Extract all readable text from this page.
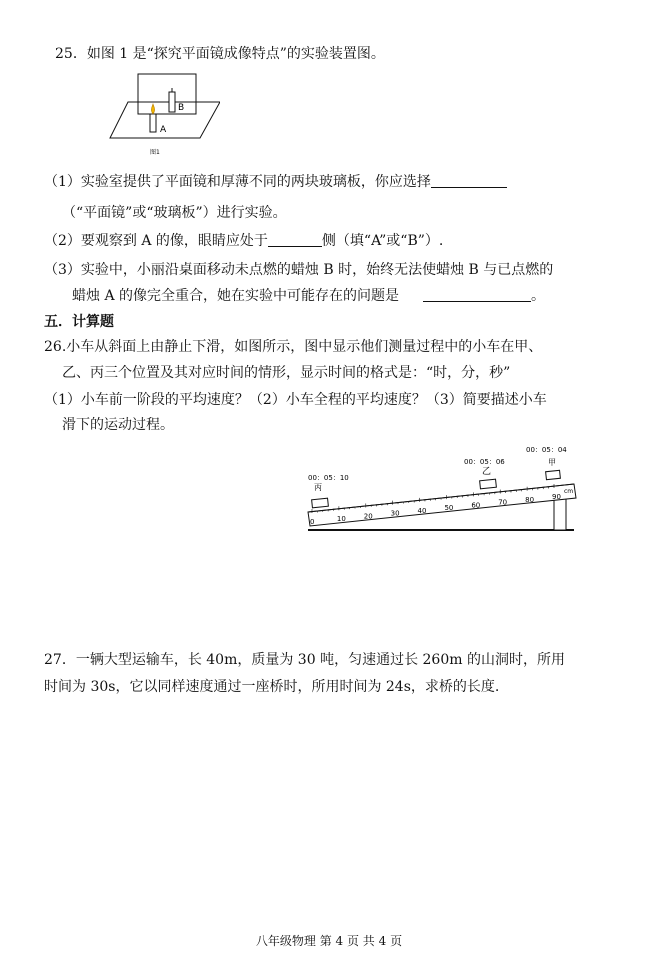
25．如图 1 是“探究平面镜成像特点”的实验装置图。
B
A
图1
（1）实验室提供了平面镜和厚薄不同的两块玻璃板，你应选择
（“平面镜”或“玻璃板”）进行实验。
（2）要观察到 A 的像，眼睛应处于	侧（填“A”或“B”）.
（3）实验中，小丽沿桌面移动未点燃的蜡烛 B 时，始终无法使蜡烛 B 与已点燃的
蜡烛 A 的像完全重合，她在实验中可能存在的问题是	。
五．计算题
26.小车从斜面上由静止下滑，如图所示，图中显示他们测量过程中的小车在甲、
乙、丙三个位置及其对应时间的情形，显示时间的格式是：“时，分，秒”
（1）小车前一阶段的平均速度？（2）小车全程的平均速度？（3）简要描述小车
滑下的运动过程。
0	10	20	30	40	50	60	70	80	90
cm
00：05：10
丙
00：05：06
乙
00：05：04
甲
27．一辆大型运输车，长 40m，质量为 30 吨，匀速通过长 260m 的山洞时，所用
时间为 30s，它以同样速度通过一座桥时，所用时间为 24s，求桥的长度.
八年级物理 第 4 页 共 4 页
